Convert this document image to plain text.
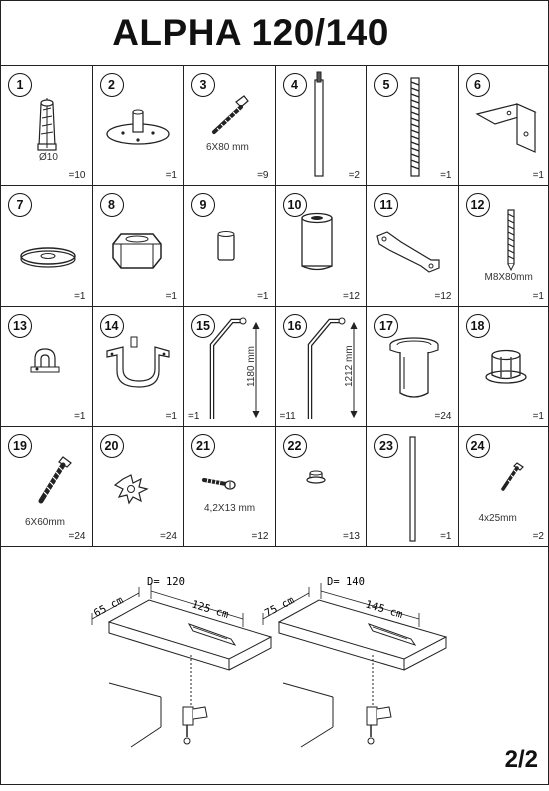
ALPHA 120/140
1
Ø10
=10
2
=1
3
6X80 mm
=9
4
=2
5
=1
6
=1
7
=1
8
=1
9
=1
10
=12
11
=12
12
M8X80mm
=1
13
=1
14
=1
15
1180 mm
=1
16
1212 mm
=11
17
=24
18
=1
19
6X60mm
=24
20
=24
21
4,2X13 mm
=12
22
=13
23
=1
24
4x25mm
=2
D= 120
65 cm	125 cm
D= 140
75 cm	145 cm
2/2
